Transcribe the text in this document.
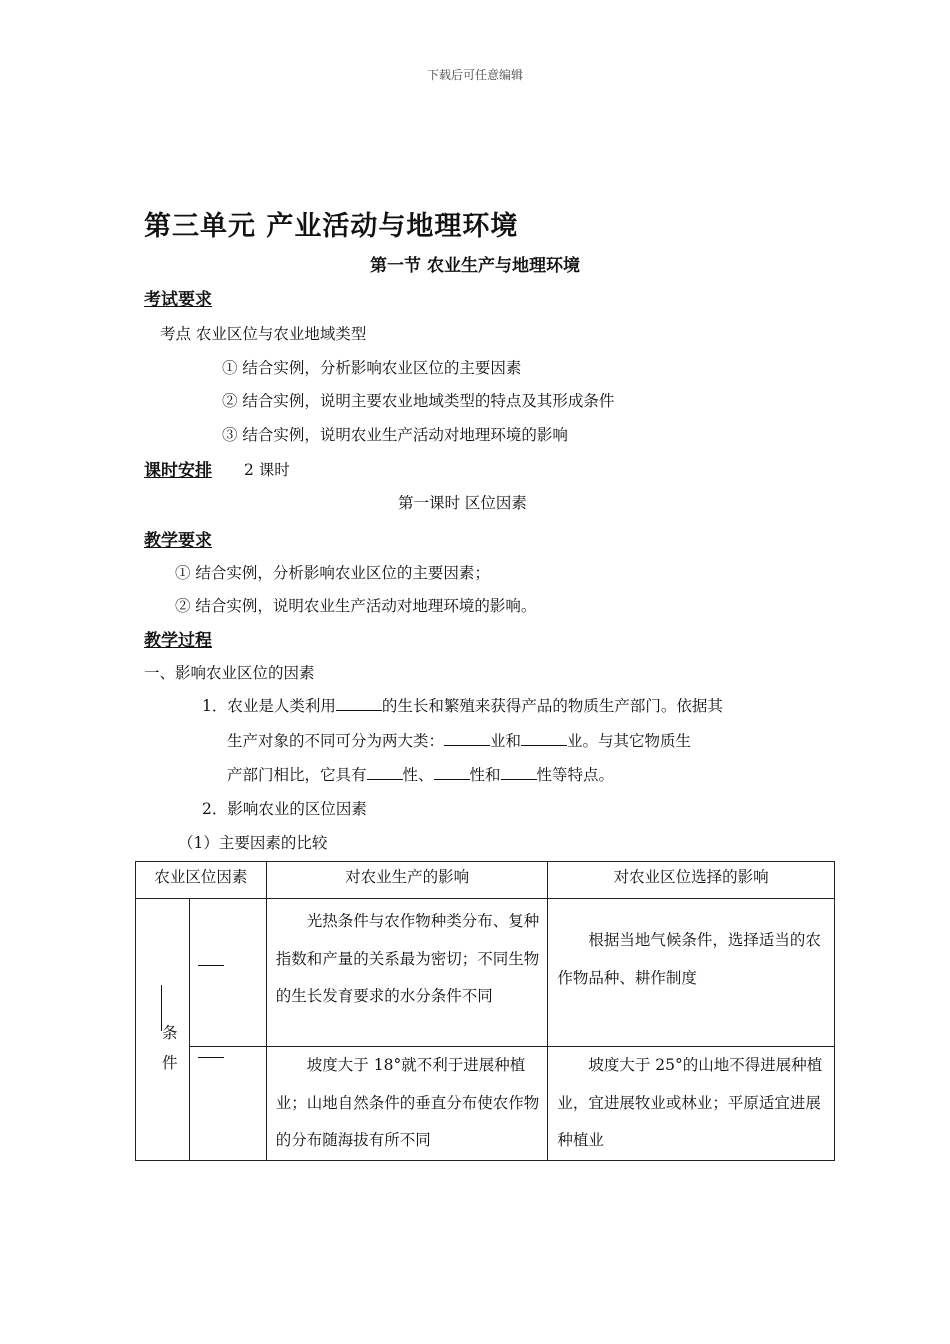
下载后可任意编辑
第三单元 产业活动与地理环境
第一节 农业生产与地理环境
考试要求
考点 农业区位与农业地域类型
① 结合实例，分析影响农业区位的主要因素
② 结合实例，说明主要农业地域类型的特点及其形成条件
③ 结合实例，说明农业生产活动对地理环境的影响
课时安排 2 课时
第一课时 区位因素
教学要求
① 结合实例，分析影响农业区位的主要因素；
② 结合实例，说明农业生产活动对地理环境的影响。
教学过程
一、影响农业区位的因素
1．农业是人类利用	的生长和繁殖来获得产品的物质生产部门。依据其
生产对象的不同可分为两大类：	业和	业。与其它物质生
产部门相比，它具有 性、 性和 性等特点。
2．影响农业的区位因素
（1）主要因素的比较
农业区位因素		对农业生产的影响	对农业区位选择的影响

条
件		光热条件与农作物种类分布、复种指数和产量的关系最为密切；不同生物的生长发育要求的水分条件不同	根据当地气候条件，选择适当的农作物品种、耕作制度

		坡度大于 18°就不利于进展种植业；山地自然条件的垂直分布使农作物的分布随海拔有所不同	坡度大于 25°的山地不得进展种植业，宜进展牧业或林业；平原适宜进展种植业
